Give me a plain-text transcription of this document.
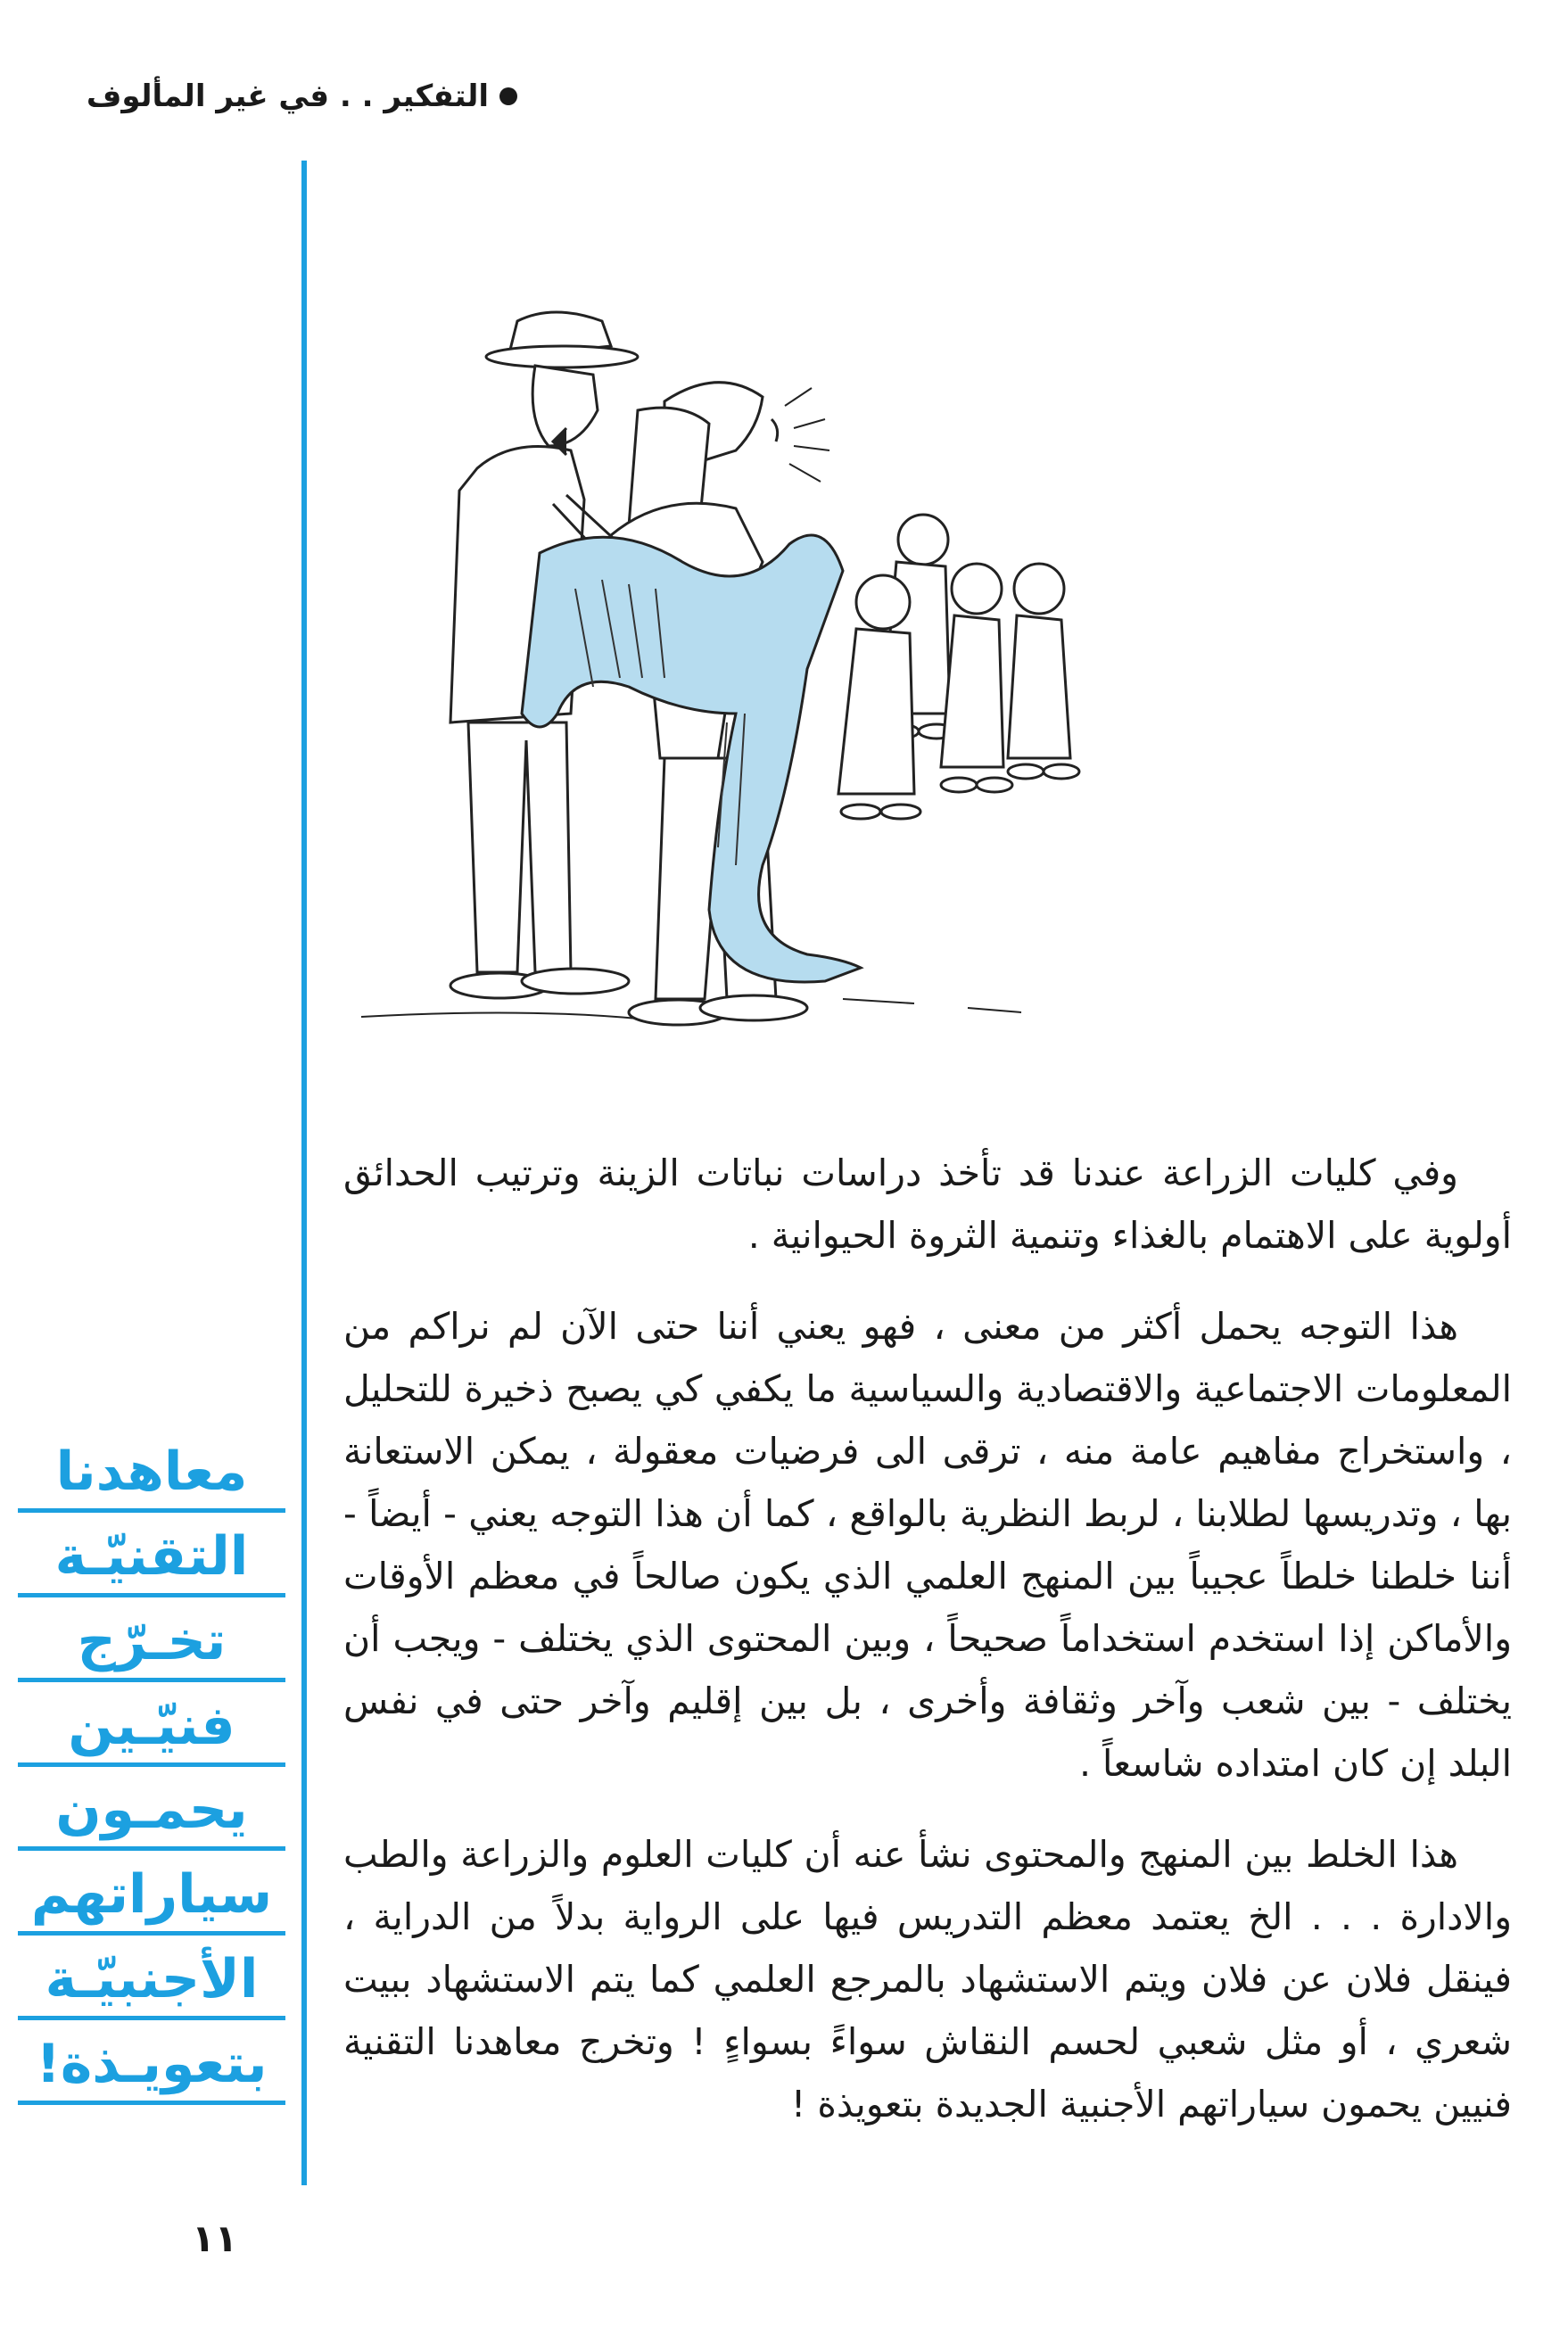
التفكير . . في غير المألوف

وفي كليات الزراعة عندنا قد تأخذ دراسات نباتات الزينة وترتيب الحدائق أولوية على الاهتمام بالغذاء وتنمية الثروة الحيوانية .

هذا التوجه يحمل أكثر من معنى ، فهو يعني أننا حتى الآن لم نراكم من المعلومات الاجتماعية والاقتصادية والسياسية ما يكفي كي يصبح ذخيرة للتحليل ، واستخراج مفاهيم عامة منه ، ترقى الى فرضيات معقولة ، يمكن الاستعانة بها ، وتدريسها لطلابنا ، لربط النظرية بالواقع ، كما أن هذا التوجه يعني - أيضاً - أننا خلطنا خلطاً عجيباً بين المنهج العلمي الذي يكون صالحاً في معظم الأوقات والأماكن إذا استخدم استخداماً صحيحاً ، وبين المحتوى الذي يختلف - ويجب أن يختلف - بين شعب وآخر وثقافة وأخرى ، بل بين إقليم وآخر حتى في نفس البلد إن كان امتداده شاسعاً .

هذا الخلط بين المنهج والمحتوى نشأ عنه أن كليات العلوم والزراعة والطب والادارة . . . الخ يعتمد معظم التدريس فيها على الرواية بدلاً من الدراية ، فينقل فلان عن فلان ويتم الاستشهاد بالمرجع العلمي كما يتم الاستشهاد ببيت شعري ، أو مثل شعبي لحسم النقاش سواءً بسواءٍ ! وتخرج معاهدنا التقنية فنيين يحمون سياراتهم الأجنبية الجديدة بتعويذة !

معاهدنا
التقنيّـة
تخـرّج
فنيّـين
يحمـون
سياراتهم
الأجنبيّـة
بتعويـذة!
١١
